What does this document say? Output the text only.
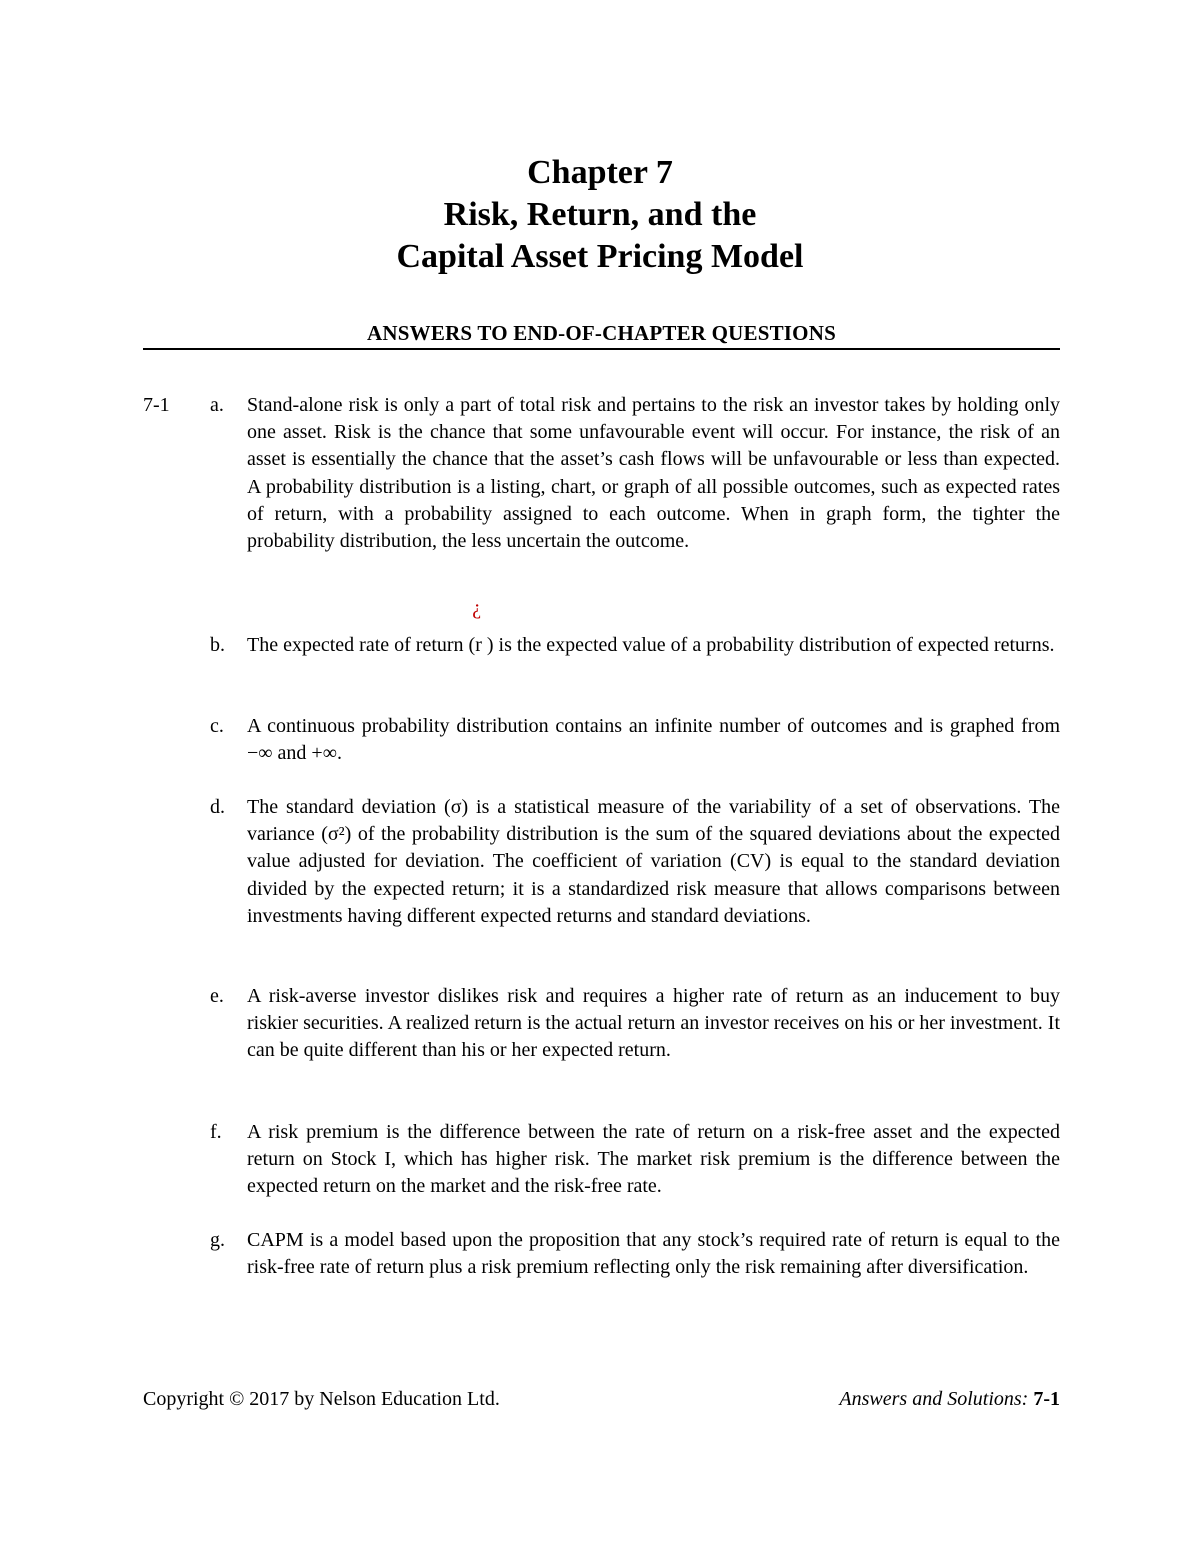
Chapter 7
Risk, Return, and the
Capital Asset Pricing Model
ANSWERS TO END-OF-CHAPTER QUESTIONS
7-1 a.	Stand-alone risk is only a part of total risk and pertains to the risk an investor takes by holding only one asset. Risk is the chance that some unfavourable event will occur. For instance, the risk of an asset is essentially the chance that the asset’s cash flows will be unfavourable or less than expected. A probability distribution is a listing, chart, or graph of all possible outcomes, such as expected rates of return, with a probability assigned to each outcome. When in graph form, the tighter the probability distribution, the less uncertain the outcome.
b.	The expected rate of return (
¿
r ) is the expected value of a probability distribution of expected returns.
c.	A continuous probability distribution contains an infinite number of outcomes and is graphed from −∞ and +∞.
d.	The standard deviation (σ) is a statistical measure of the variability of a set of observations. The variance (σ²) of the probability distribution is the sum of the squared deviations about the expected value adjusted for deviation. The coefficient of variation (CV) is equal to the standard deviation divided by the expected return; it is a standardized risk measure that allows comparisons between investments having different expected returns and standard deviations.
e.	A risk-averse investor dislikes risk and requires a higher rate of return as an inducement to buy riskier securities. A realized return is the actual return an investor receives on his or her investment. It can be quite different than his or her expected return.
f.	A risk premium is the difference between the rate of return on a risk-free asset and the expected return on Stock I, which has higher risk. The market risk premium is the difference between the expected return on the market and the risk-free rate.
g.	CAPM is a model based upon the proposition that any stock’s required rate of return is equal to the risk-free rate of return plus a risk premium reflecting only the risk remaining after diversification.
Copyright © 2017 by Nelson Education Ltd.	Answers and Solutions: 7-1
